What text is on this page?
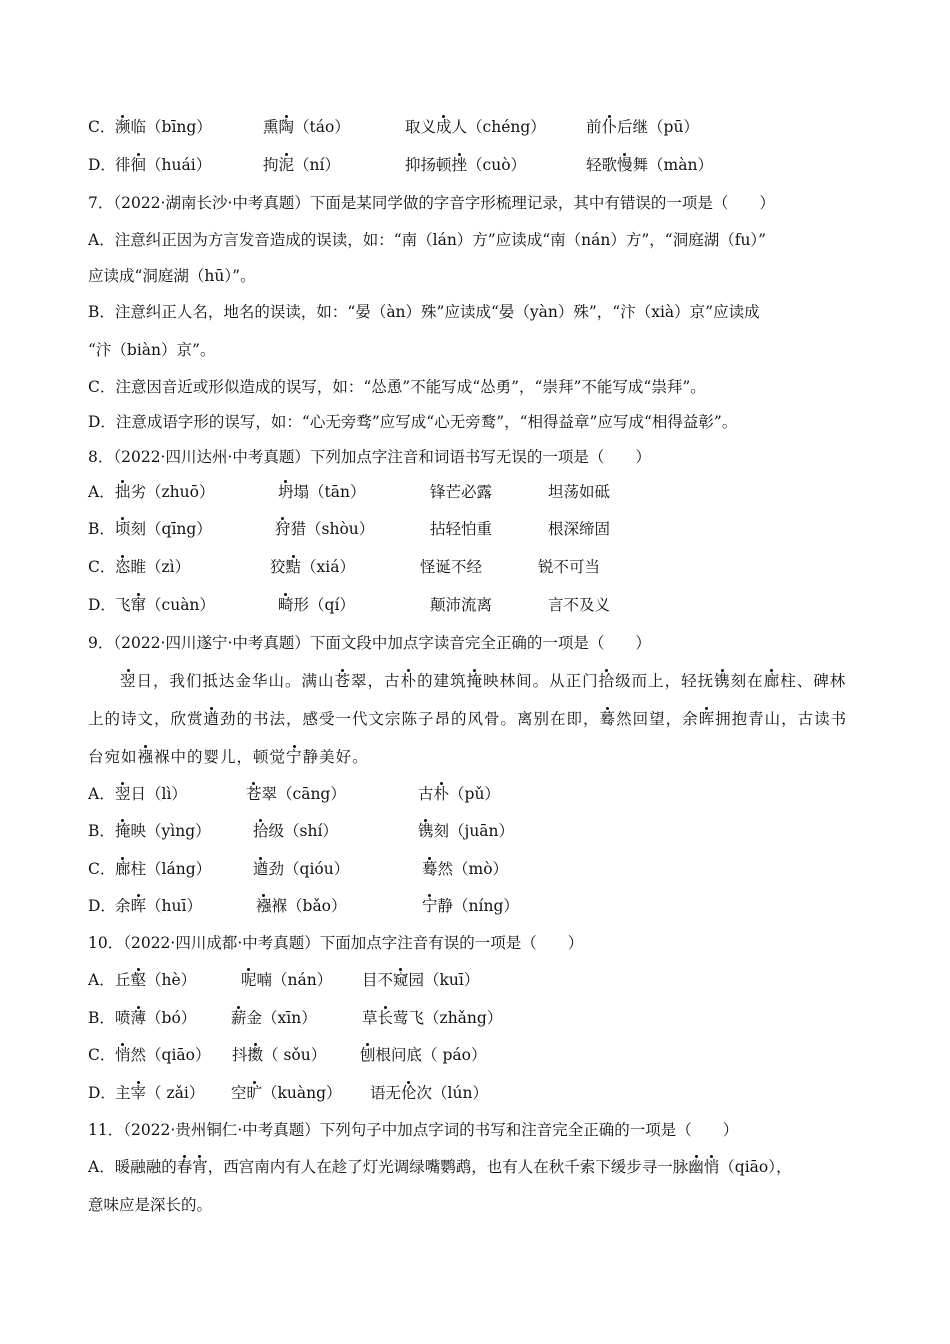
C． 濒临（bīng）	熏陶（táo）	取义成人（chéng）	前仆后继（pū）
D． 徘徊（huái）	拘泥（ní）	抑扬顿挫（cuò）	轻歌慢舞（màn）
7．（2022·湖南长沙·中考真题）下面是某同学做的字音字形梳理记录，其中有错误的一项是（　　）
A．注意纠正因为方言发音造成的误读，如：“南（lán）方”应读成“南（nán）方”，“洞庭湖（fu）”
应读成“洞庭湖（hū）”。
B．注意纠正人名，地名的误读，如：“晏（àn）殊”应读成“晏（yàn）殊”，“汴（xià）京”应读成
“汴（biàn）京”。
C．注意因音近或形似造成的误写，如：“怂恿”不能写成“怂勇”，“崇拜”不能写成“祟拜”。
D．注意成语字形的误写，如：“心无旁骛”应写成“心无旁鹜”，“相得益章”应写成“相得益彰”。
8．（2022·四川达州·中考真题）下列加点字注音和词语书写无误的一项是（　　）
A． 拙劣（zhuō）	坍塌（tān）	锋芒必露	坦荡如砥
B． 顷刻（qīng）	狩猎（shòu）	拈轻怕重	根深缔固
C． 恣睢（zì）	狡黠（xiá）	怪诞不经	锐不可当
D． 飞窜（cuàn）	畸形（qí）	颠沛流离	言不及义
9．（2022·四川遂宁·中考真题）下面文段中加点字读音完全正确的一项是（　　）
翌日，我们抵达金华山。满山苍翠，古朴的建筑掩映林间。从正门拾级而上，轻抚镌刻在廊柱、碑林
上的诗文，欣赏遒劲的书法，感受一代文宗陈子昂的风骨。离别在即，蓦然回望，余晖拥抱青山，古读书
台宛如襁褓中的婴儿，顿觉宁静美好。
A． 翌日（lì）	苍翠（cāng）	古朴（pǔ）
B． 掩映（yìng）	拾级（shí）	镌刻（juān）
C． 廊柱（láng）	遒劲（qióu）	蓦然（mò）
D． 余晖（huī）	襁褓（bǎo）	宁静（níng）
10．（2022·四川成都·中考真题）下面加点字注音有误的一项是（　　）
A． 丘壑（hè）	呢喃（nán） 目不窥园（kuī）
B． 喷薄（bó） 薪金（xīn）	草长莺飞（zhǎng）
C． 悄然（qiāo） 抖擞（ sǒu） 刨根问底（ páo）
D． 主宰（ zǎi） 空旷（kuàng） 语无伦次（lún）
11．（2022·贵州铜仁·中考真题）下列句子中加点字词的书写和注音完全正确的一项是（　　）
A．暖融融的春宵，西宫南内有人在趁了灯光调绿嘴鹦鹉，也有人在秋千索下缓步寻一脉幽悄（qiāo），
意味应是深长的。
